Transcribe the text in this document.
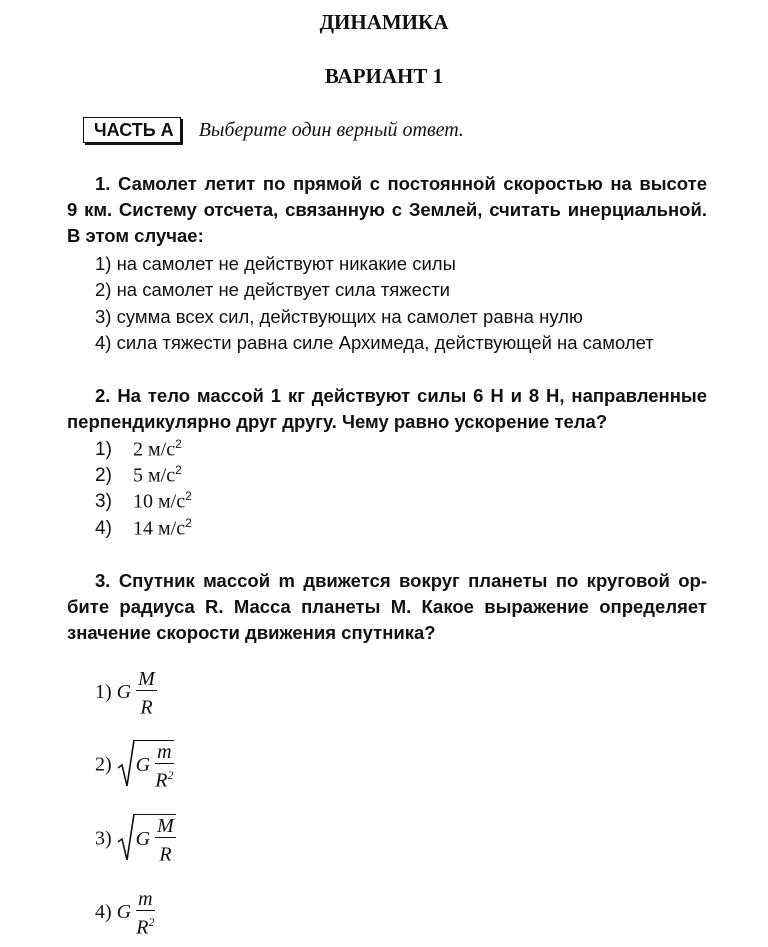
ДИНАМИКА
ВАРИАНТ 1
ЧАСТЬ А	Выберите один верный ответ.
1. Самолет летит по прямой с постоянной скоростью на высоте
9 км. Систему отсчета, связанную с Землей, считать инерциальной.
В этом случае:
1) на самолет не действуют никакие силы
2) на самолет не действует сила тяжести
3) сумма всех сил, действующих на самолет равна нулю
4) сила тяжести равна силе Архимеда, действующей на самолет
2. На тело массой 1 кг действуют силы 6 Н и 8 Н, направленные
перпендикулярно друг другу. Чему равно ускорение тела?
1) 2 $м/с^2$
2) 5 $м/с^2$
3) 10 $м/с^2$
4) 14 $м/с^2$
3. Спутник массой m движется вокруг планеты по круговой ор-
бите радиуса R. Масса планеты M. Какое выражение определяет
значение скорости движения спутника?
1) G $\frac{M}{R}$
2) G $\frac{m}{R^2}$
3) G $\frac{M}{R}$
4) G $\frac{m}{R^2}$
